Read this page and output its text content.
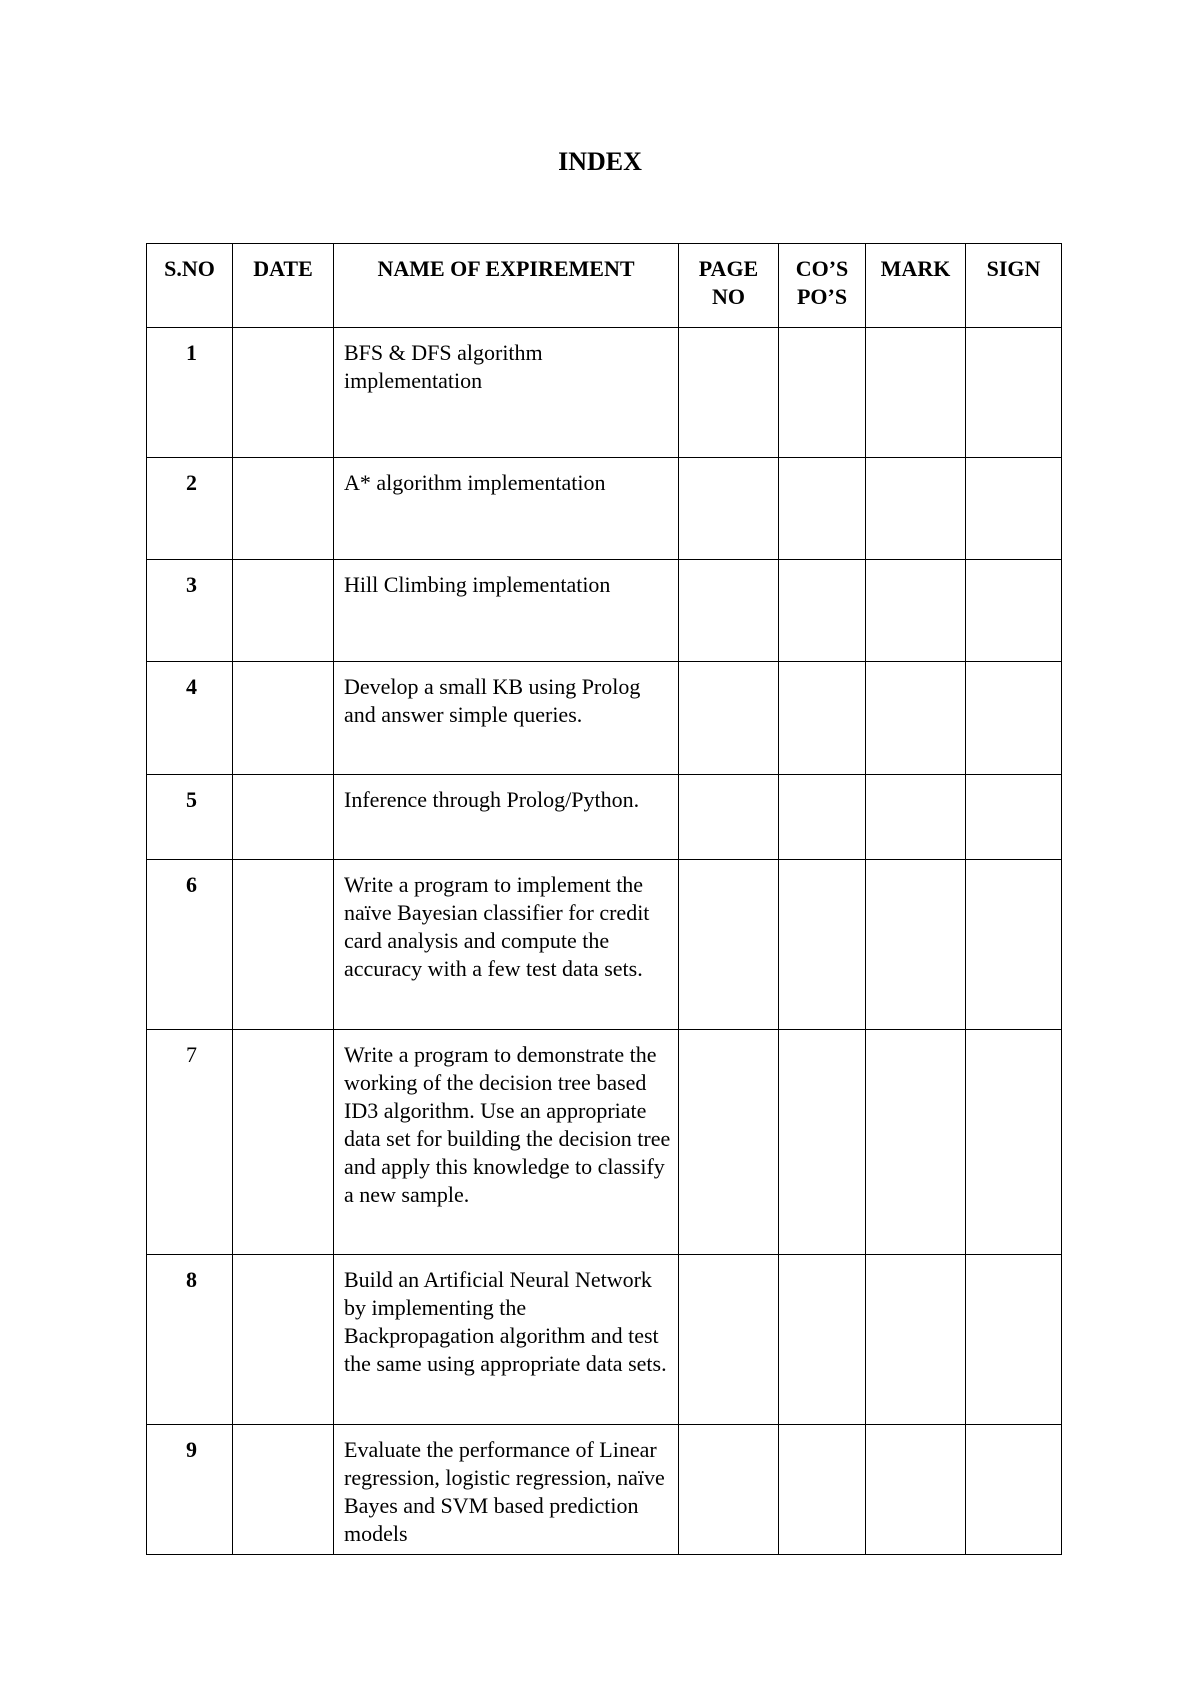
INDEX
S.NO	DATE	NAME OF EXPIREMENT	PAGE NO	CO’S PO’S	MARK	SIGN
1		BFS & DFS algorithm implementation				
2		A* algorithm implementation				
3		Hill Climbing implementation				
4		Develop a small KB using Prolog and answer simple queries.				
5		Inference through Prolog/Python.				
6		Write a program to implement the naïve Bayesian classifier for credit card analysis and compute the accuracy with a few test data sets.				
7		Write a program to demonstrate the working of the decision tree based ID3 algorithm. Use an appropriate data set for building the decision tree and apply this knowledge to classify a new sample.				
8		Build an Artificial Neural Network by implementing the Backpropagation algorithm and test the same using appropriate data sets.				
9		Evaluate the performance of Linear regression, logistic regression, naïve Bayes and SVM based prediction models				
